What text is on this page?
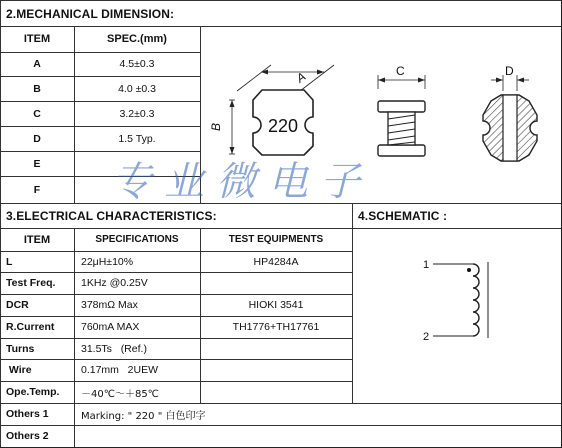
2.MECHANICAL DIMENSION:
3.ELECTRICAL CHARACTERISTICS:	4.SCHEMATIC :
ITEM	SPEC.(mm)
A	4.5±0.3
B	4.0 ±0.3
C	3.2±0.3
D	1.5 Typ.
E
F
A
B 220
C	D
ITEM	SPECIFICATIONS	TEST EQUIPMENTS
L	22μH±10%	HP4284A
Test Freq.	1KHz @0.25V
DCR	378mΩ Max	HIOKI 3541
R.Current	760mA MAX	TH1776+TH17761
Turns	31.5Ts   (Ref.)
Wire	0.17mm   2UEW
Ope.Temp.	－40℃～＋85℃
Others 1	Marking: " 220 " 白色印字
Others 2
1
2
专业微电子
